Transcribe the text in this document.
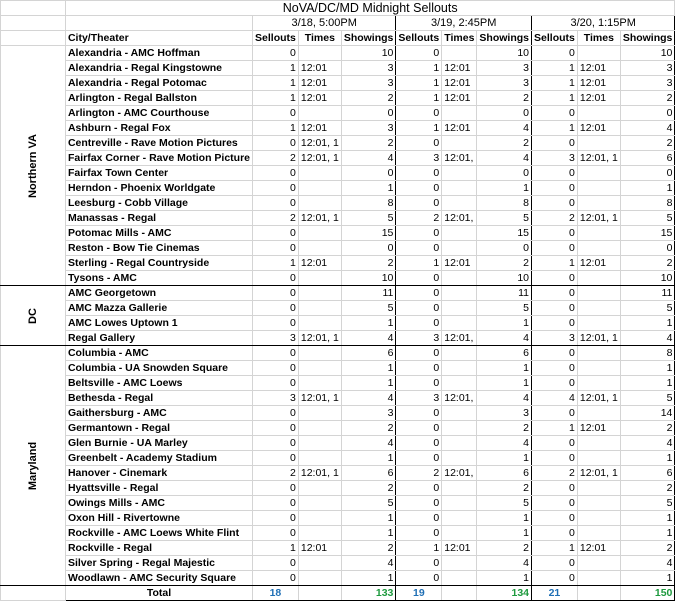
	NoVA/DC/MD Midnight Sellouts									
		3/18, 5:00PM			3/19, 2:45PM			3/20, 1:15PM		
	City/Theater	Sellouts	Times	Showings	Sellouts	Times	Showings	Sellouts	Times	Showings
Northern VA	Alexandria - AMC Hoffman	0		10	0		10	0		10
	Alexandria - Regal Kingstowne	1	12:01	3	1	12:01	3	1	12:01	3
	Alexandria - Regal Potomac	1	12:01	3	1	12:01	3	1	12:01	3
	Arlington - Regal Ballston	1	12:01	2	1	12:01	2	1	12:01	2
	Arlington - AMC Courthouse	0		0	0		0	0		0
	Ashburn - Regal Fox	1	12:01	3	1	12:01	4	1	12:01	4
	Centreville - Rave Motion Pictures	0	12:01, 1	2	0		2	0		2
	Fairfax Corner - Rave Motion Picture	2	12:01, 1	4	3	12:01,	4	3	12:01, 1	6
	Fairfax Town Center	0		0	0		0	0		0
	Herndon - Phoenix Worldgate	0		1	0		1	0		1
	Leesburg - Cobb Village	0		8	0		8	0		8
	Manassas - Regal	2	12:01, 1	5	2	12:01,	5	2	12:01, 1	5
	Potomac Mills - AMC	0		15	0		15	0		15
	Reston - Bow Tie Cinemas	0		0	0		0	0		0
	Sterling - Regal Countryside	1	12:01	2	1	12:01	2	1	12:01	2
	Tysons - AMC	0		10	0		10	0		10
DC	AMC Georgetown	0		11	0		11	0		11
	AMC Mazza Gallerie	0		5	0		5	0		5
	AMC Lowes Uptown 1	0		1	0		1	0		1
	Regal Gallery	3	12:01, 1	4	3	12:01,	4	3	12:01, 1	4
Maryland	Columbia - AMC	0		6	0		6	0		8
	Columbia - UA Snowden Square	0		1	0		1	0		1
	Beltsville - AMC Loews	0		1	0		1	0		1
	Bethesda - Regal	3	12:01, 1	4	3	12:01,	4	4	12:01, 1	5
	Gaithersburg - AMC	0		3	0		3	0		14
	Germantown - Regal	0		2	0		2	1	12:01	2
	Glen Burnie - UA Marley	0		4	0		4	0		4
	Greenbelt - Academy Stadium	0		1	0		1	0		1
	Hanover - Cinemark	2	12:01, 1	6	2	12:01,	6	2	12:01, 1	6
	Hyattsville - Regal	0		2	0		2	0		2
	Owings Mills - AMC	0		5	0		5	0		5
	Oxon Hill - Rivertowne	0		1	0		1	0		1
	Rockville - AMC Loews White Flint	0		1	0		1	0		1
	Rockville - Regal	1	12:01	2	1	12:01	2	1	12:01	2
	Silver Spring - Regal Majestic	0		4	0		4	0		4
	Woodlawn - AMC Security Square	0		1	0		1	0		1
	Total	18		133	19		134	21		150
